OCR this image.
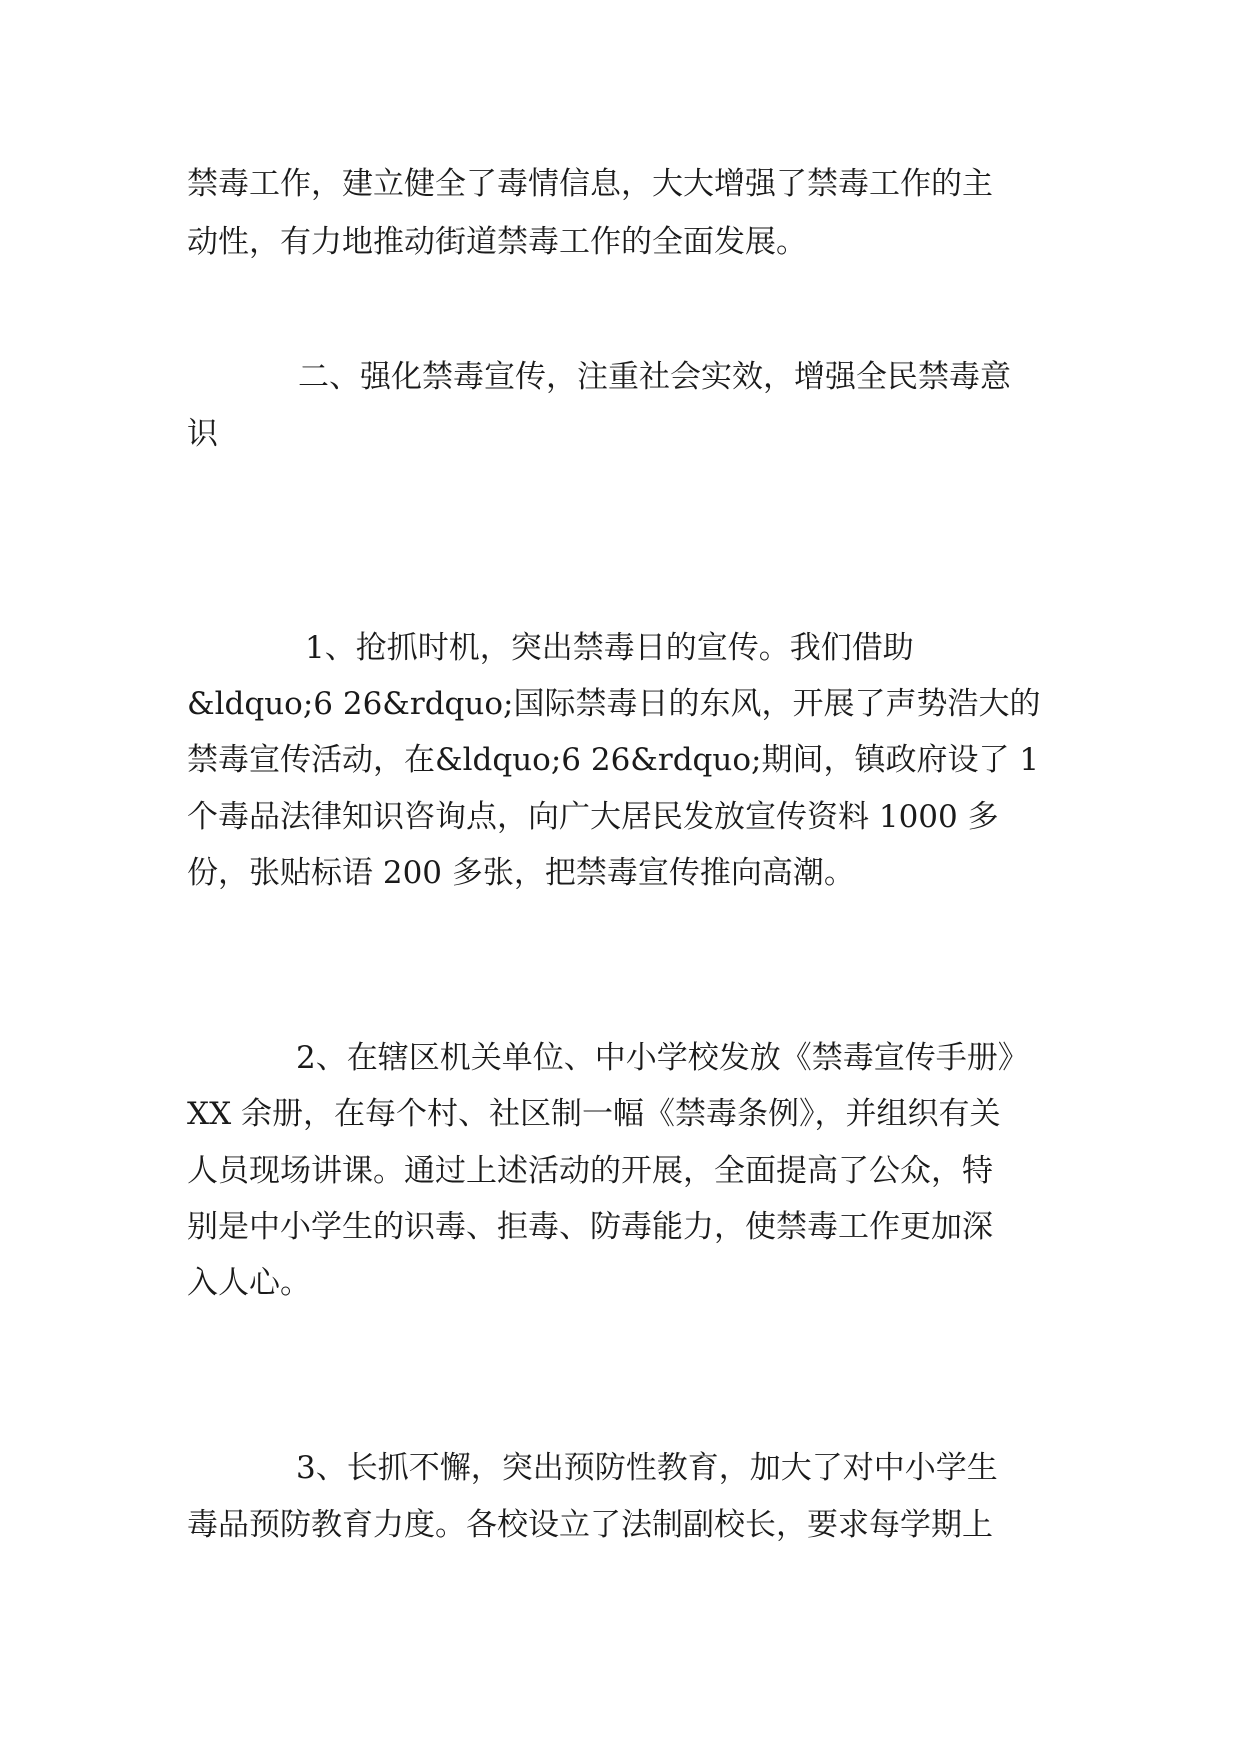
禁毒工作，建立健全了毒情信息，大大增强了禁毒工作的主
动性，有力地推动街道禁毒工作的全面发展。
二、强化禁毒宣传，注重社会实效，增强全民禁毒意
识
1、抢抓时机，突出禁毒日的宣传。我们借助
&ldquo;6 26&rdquo;国际禁毒日的东风，开展了声势浩大的
禁毒宣传活动，在&ldquo;6 26&rdquo;期间，镇政府设了 1
个毒品法律知识咨询点，向广大居民发放宣传资料 1000 多
份，张贴标语 200 多张，把禁毒宣传推向高潮。
2、在辖区机关单位、中小学校发放《禁毒宣传手册》
XX 余册，在每个村、社区制一幅《禁毒条例》，并组织有关
人员现场讲课。通过上述活动的开展，全面提高了公众，特
别是中小学生的识毒、拒毒、防毒能力，使禁毒工作更加深
入人心。
3、长抓不懈，突出预防性教育，加大了对中小学生
毒品预防教育力度。各校设立了法制副校长，要求每学期上
